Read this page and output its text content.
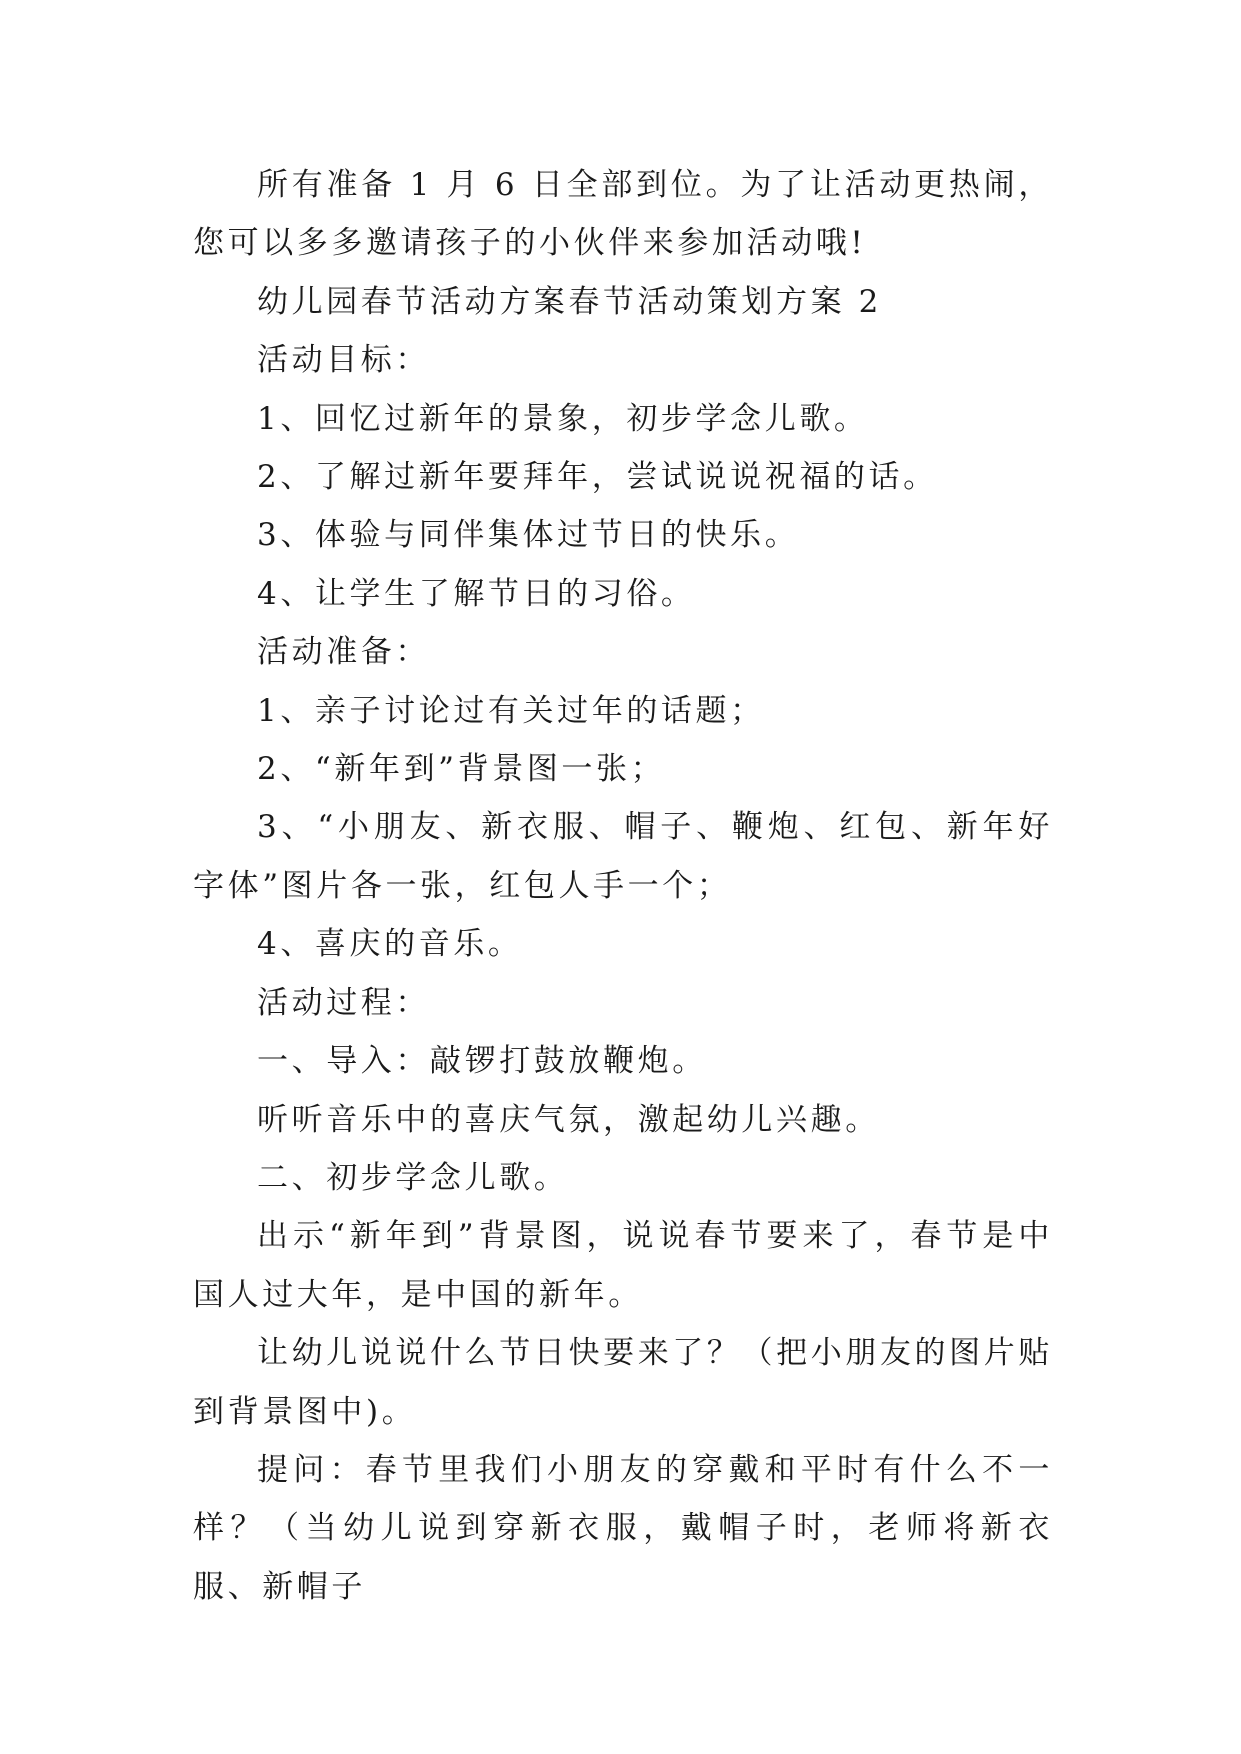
所有准备 1 月 6 日全部到位。为了让活动更热闹，您可以多多邀请孩子的小伙伴来参加活动哦!

幼儿园春节活动方案春节活动策划方案 2

活动目标：

1、回忆过新年的景象，初步学念儿歌。

2、了解过新年要拜年，尝试说说祝福的话。

3、体验与同伴集体过节日的快乐。

4、让学生了解节日的习俗。

活动准备：

1、亲子讨论过有关过年的话题；

2、“新年到”背景图一张；

3、“小朋友、新衣服、帽子、鞭炮、红包、新年好字体”图片各一张，红包人手一个；

4、喜庆的音乐。

活动过程：

一、导入：敲锣打鼓放鞭炮。

听听音乐中的喜庆气氛，激起幼儿兴趣。

二、初步学念儿歌。

出示“新年到”背景图，说说春节要来了，春节是中国人过大年，是中国的新年。

让幼儿说说什么节日快要来了？（把小朋友的图片贴到背景图中)。

提问：春节里我们小朋友的穿戴和平时有什么不一样？（当幼儿说到穿新衣服，戴帽子时，老师将新衣服、新帽子
